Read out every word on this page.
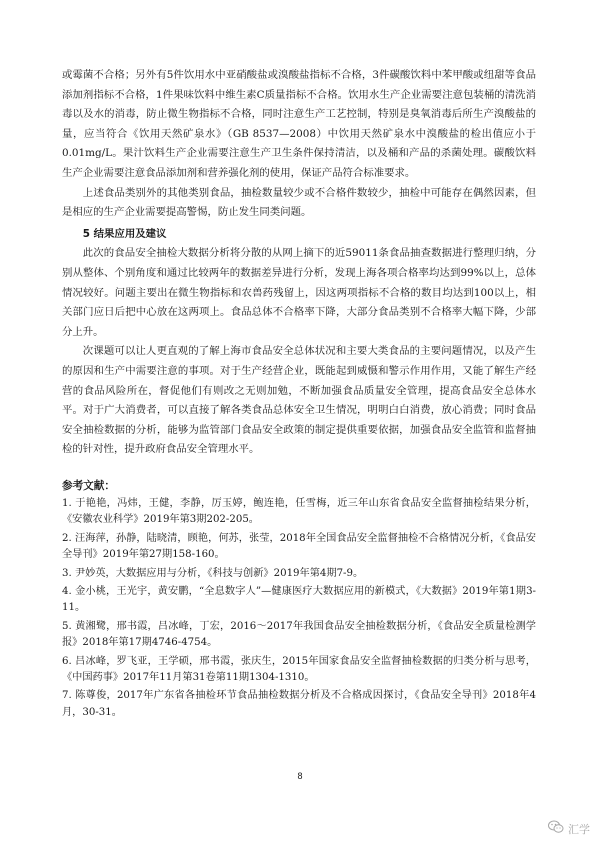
或霉菌不合格；另外有5件饮用水中亚硝酸盐或溴酸盐指标不合格，3件碳酸饮料中苯甲酸或纽甜等食品添加剂指标不合格，1件果味饮料中维生素C质量指标不合格。饮用水生产企业需要注意包装桶的清洗消毒以及水的消毒，防止微生物指标不合格，同时注意生产工艺控制，特别是臭氧消毒后所生产溴酸盐的量，应当符合《饮用天然矿泉水》（GB 8537—2008）中饮用天然矿泉水中溴酸盐的检出值应小于0.01mg/L。果汁饮料生产企业需要注意生产卫生条件保持清洁，以及桶和产品的杀菌处理。碳酸饮料生产企业需要注意食品添加剂和营养强化剂的使用，保证产品符合标准要求。

上述食品类别外的其他类别食品，抽检数量较少或不合格件数较少，抽检中可能存在偶然因素，但是相应的生产企业需要提高警惕，防止发生同类问题。

5 结果应用及建议

此次的食品安全抽检大数据分析将分散的从网上摘下的近59011条食品抽查数据进行整理归纳，分别从整体、个别角度和通过比较两年的数据差异进行分析，发现上海各项合格率均达到99%以上，总体情况较好。问题主要出在微生物指标和农兽药残留上，因这两项指标不合格的数目均达到100以上，相关部门应日后把中心放在这两项上。食品总体不合格率下降，大部分食品类别不合格率大幅下降，少部分上升。

次课题可以让人更直观的了解上海市食品安全总体状况和主要大类食品的主要问题情况，以及产生的原因和生产中需要注意的事项。对于生产经营企业，既能起到威慑和警示作用作用，又能了解生产经营的食品风险所在，督促他们有则改之无则加勉，不断加强食品质量安全管理，提高食品安全总体水平。对于广大消费者，可以直接了解各类食品总体安全卫生情况，明明白白消费，放心消费；同时食品安全抽检数据的分析，能够为监管部门食品安全政策的制定提供重要依据，加强食品安全监管和监督抽检的针对性，提升政府食品安全管理水平。

参考文献：

1. 于艳艳，冯炜，王健，李静，厉玉婷，鲍连艳，任雪梅，近三年山东省食品安全监督抽检结果分析，《安徽农业科学》2019年第3期202-205。

2. 汪海萍，孙静，陆晓清，顾艳，何苏，张莹，2018年全国食品安全监督抽检不合格情况分析，《食品安全导刊》2019年第27期158-160。

3. 尹妙英，大数据应用与分析，《科技与创新》2019年第4期7-9。

4. 金小桃，王光宇，黄安鹏，“全息数字人”—健康医疗大数据应用的新模式，《大数据》2019年第1期3-11。

5. 黄湘鹭，邢书霞，吕冰峰，丁宏，2016～2017年我国食品安全抽检数据分析，《食品安全质量检测学报》2018年第17期4746-4754。

6. 吕冰峰，罗飞亚，王学硕，邢书霞，张庆生，2015年国家食品安全监督抽检数据的归类分析与思考，《中国药事》2017年11月第31卷第11期1304-1310。

7. 陈尊俊，2017年广东省各抽检环节食品抽检数据分析及不合格成因探讨，《食品安全导刊》2018年4月，30-31。

8
汇学
